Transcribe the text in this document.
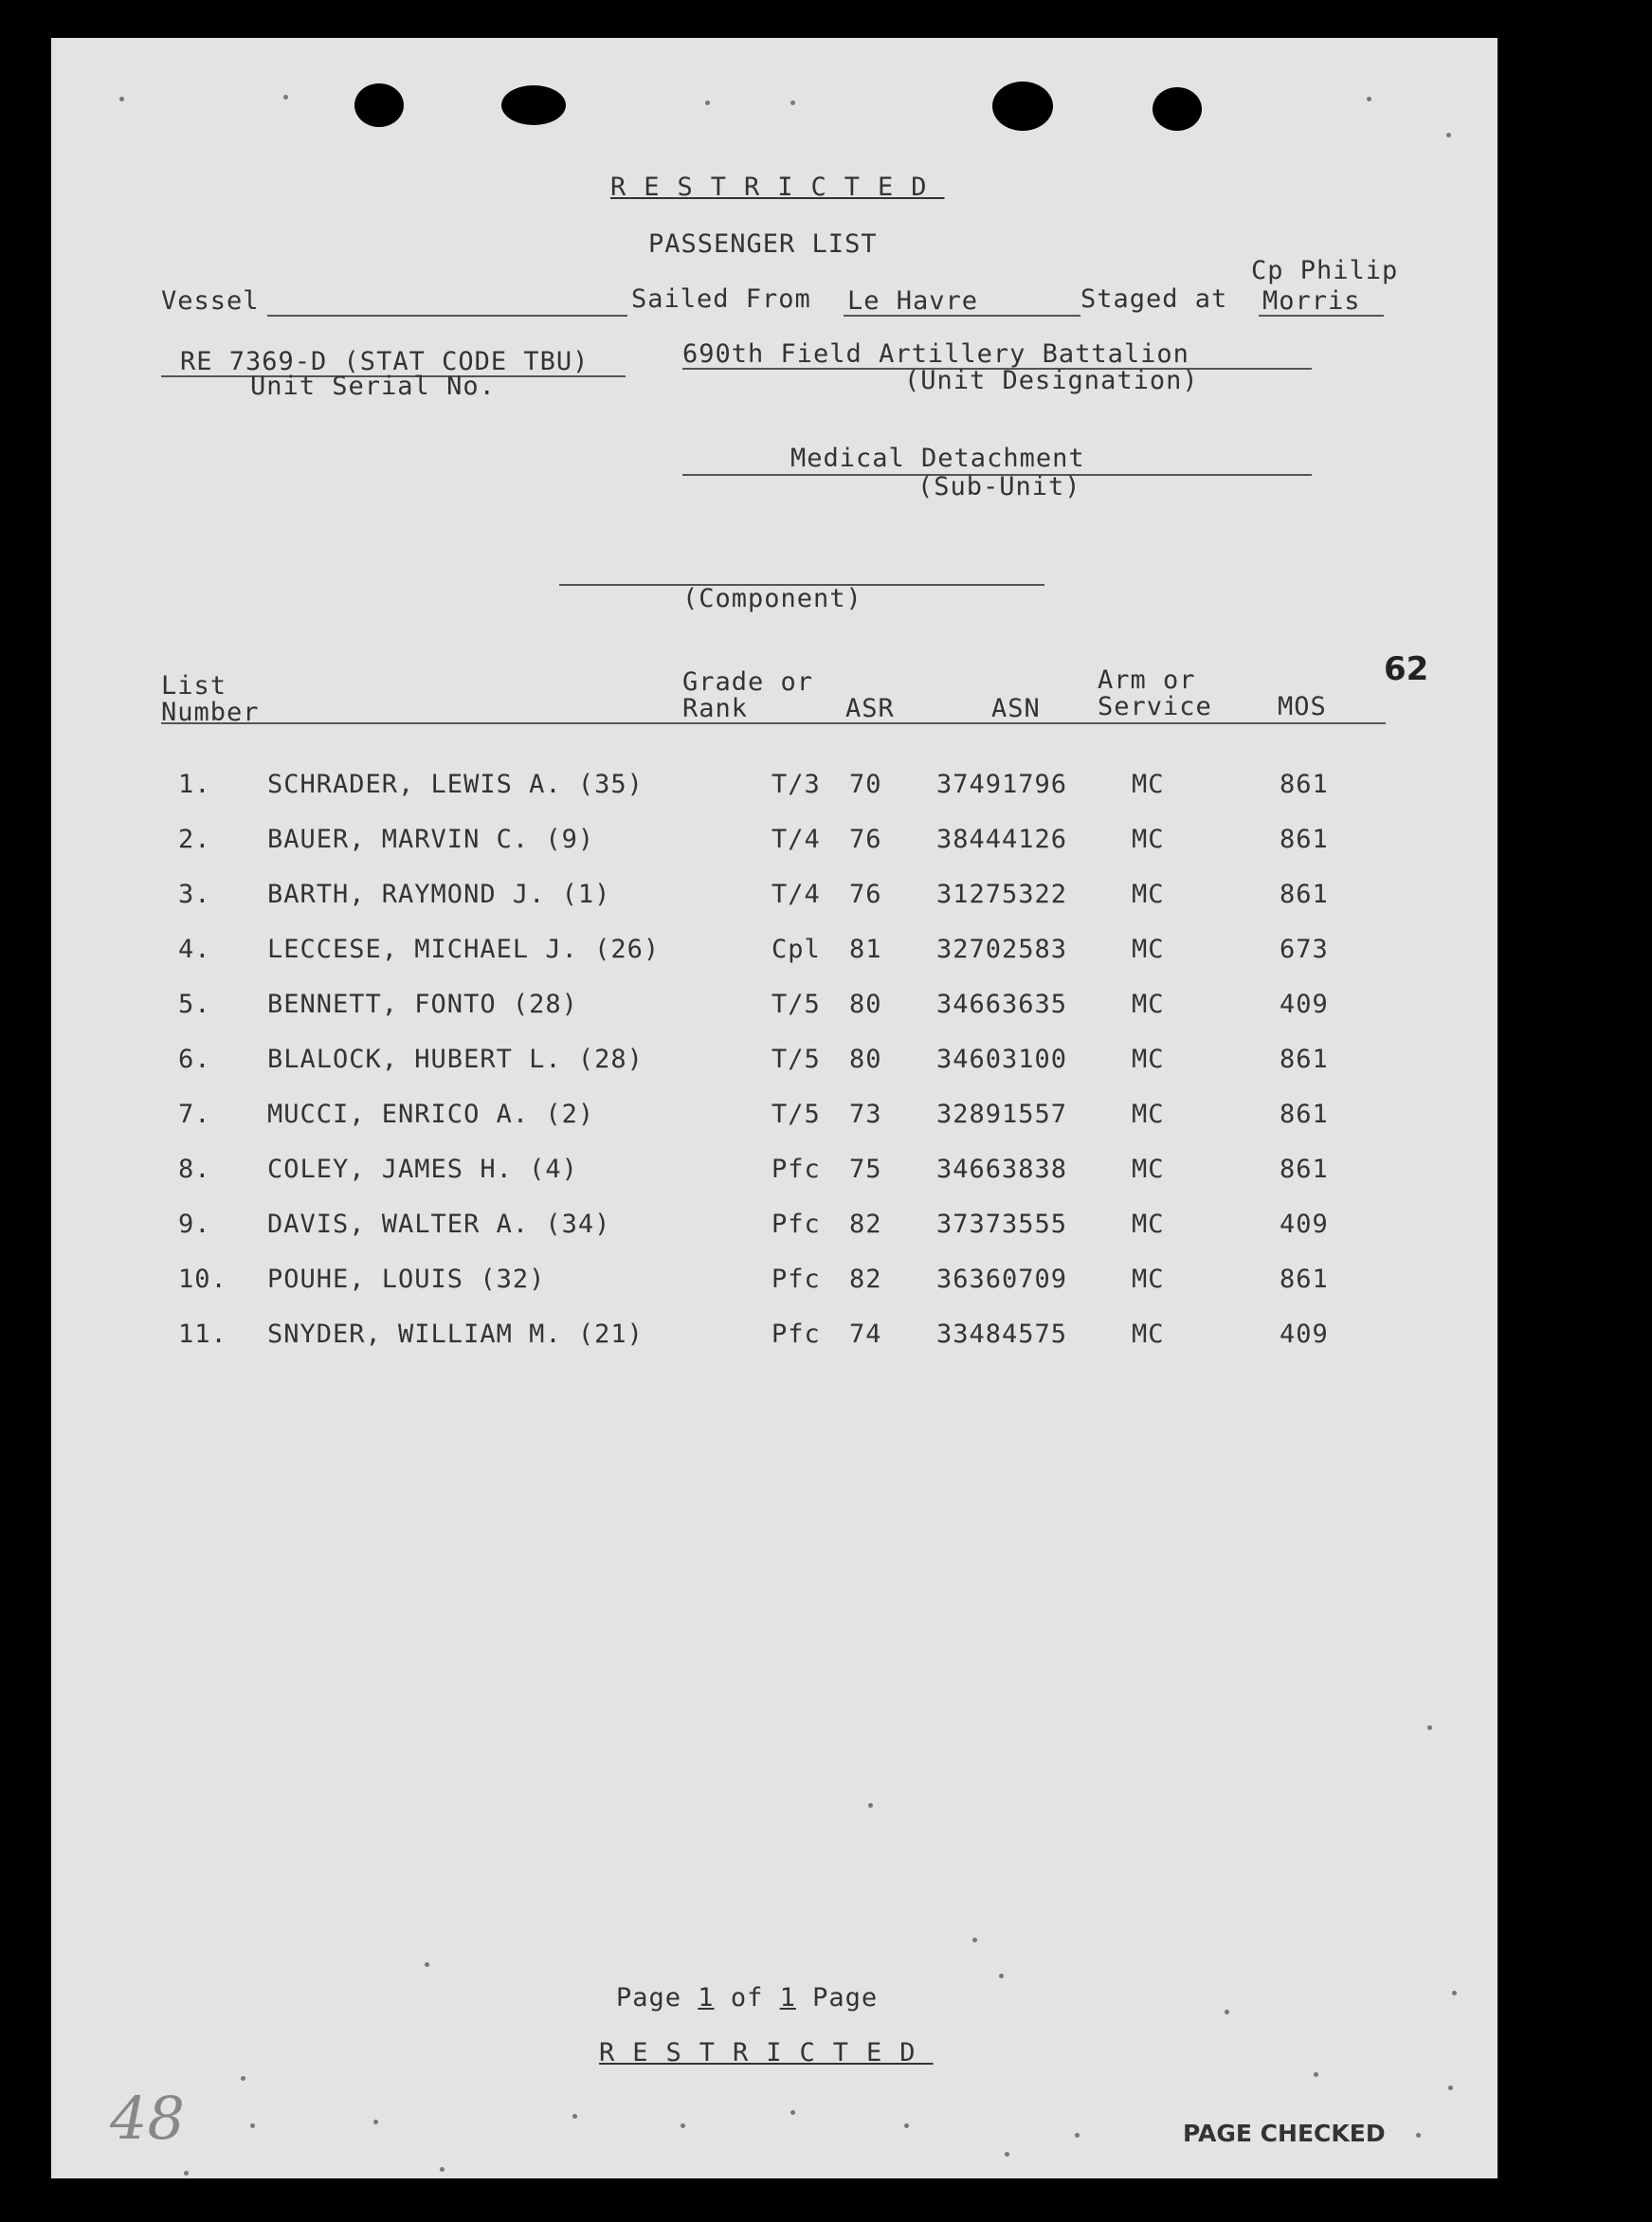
RESTRICTED
PASSENGER LIST
Vessel	Sailed From Le Havre	Staged at
Cp Philip
Morris
RE 7369-D (STAT CODE TBU)
Unit Serial No.
690th Field Artillery Battalion
(Unit Designation)
Medical Detachment
(Sub-Unit)
(Component)
62
List
Number
Grade or
Rank	ASR	ASN
Arm or
Service	MOS
1. SCHRADER, LEWIS A. (35)	T/3 70 37491796	MC	861
2. BAUER, MARVIN C. (9)	T/4 76 38444126	MC	861
3. BARTH, RAYMOND J. (1)	T/4 76 31275322	MC	861
4. LECCESE, MICHAEL J. (26)	Cpl 81 32702583	MC	673
5. BENNETT, FONTO (28)	T/5 80 34663635	MC	409
6. BLALOCK, HUBERT L. (28)	T/5 80 34603100	MC	861
7. MUCCI, ENRICO A. (2)	T/5 73 32891557	MC	861
8. COLEY, JAMES H. (4)	Pfc 75 34663838	MC	861
9. DAVIS, WALTER A. (34)	Pfc 82 37373555	MC	409
10. POUHE, LOUIS (32)	Pfc 82 36360709	MC	861
11. SNYDER, WILLIAM M. (21)	Pfc 74 33484575	MC	409
Page 1 of 1 Page
RESTRICTED
48	PAGE CHECKED
